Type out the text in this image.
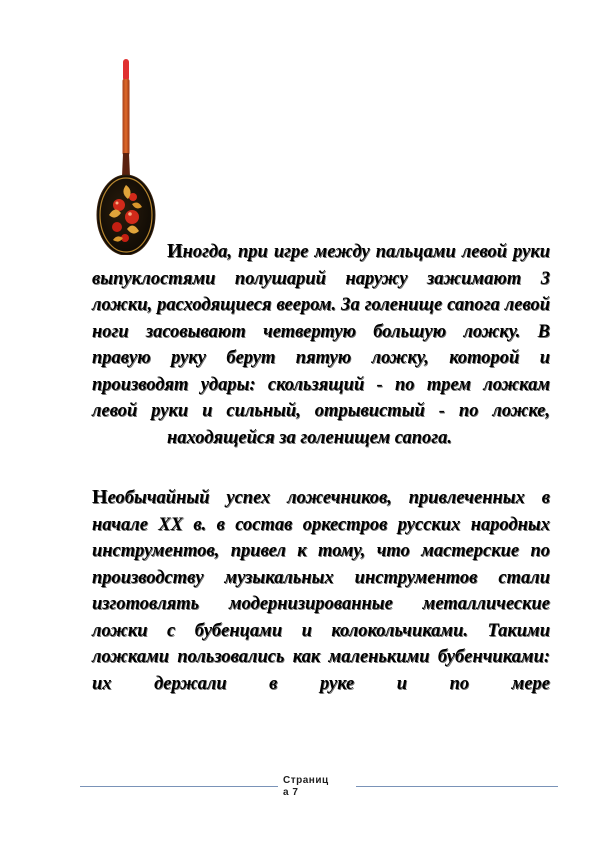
Иногда, при игре между пальцами левой руки выпуклостями полушарий наружу зажимают 3 ложки, расходящиеся веером. За голенище сапога левой ноги засовывают четвертую большую ложку. В правую руку берут пятую ложку, которой и производят удары: скользящий - по трем ложкам левой руки и сильный, отрывистый - по ложке,
находящейся за голенищем сапога.
Необычайный успех ложечников, привлеченных в начале XX в. в состав оркестров русских народных инструментов, привел к тому, что мастерские по производству музыкальных инструментов стали изготовлять модернизированные металлические ложки с бубенцами и колокольчиками. Такими ложками пользовались как маленькими бубенчиками: их держали в руке и по мере
Страниц
а 7
